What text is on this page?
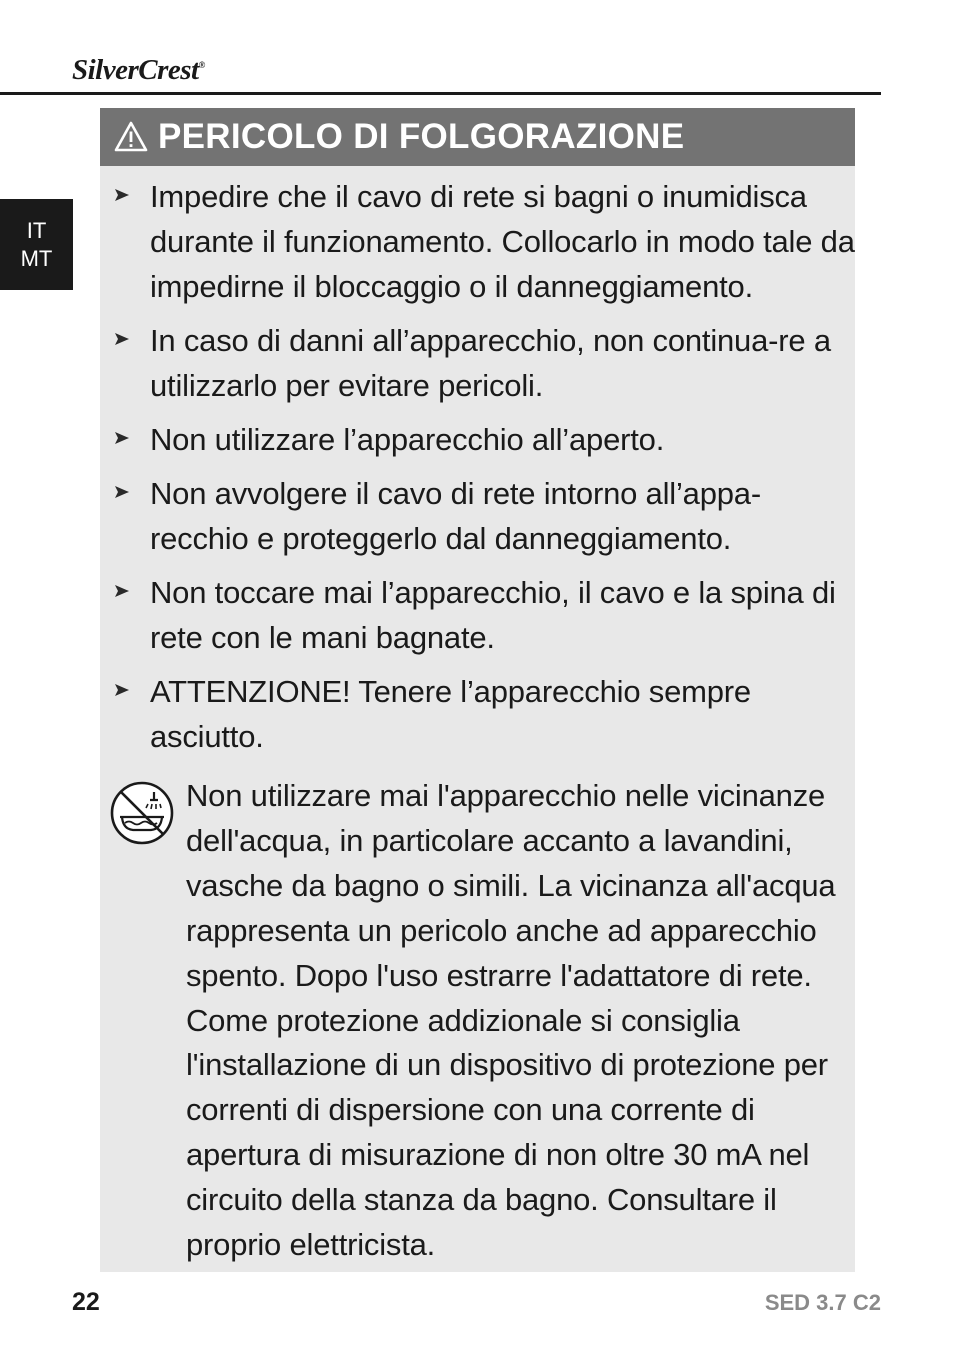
SilverCrest®
IT
MT
PERICOLO DI FOLGORAZIONE
Impedire che il cavo di rete si bagni o inumidisca durante il funzionamento. Collocarlo in modo tale da impedirne il bloccaggio o il danneggiamento.
In caso di danni all’apparecchio, non continua-re a utilizzarlo per evitare pericoli.
Non utilizzare l’apparecchio all’aperto.
Non avvolgere il cavo di rete intorno all’appa-recchio e proteggerlo dal danneggiamento.
Non toccare mai l’apparecchio, il cavo e la spina di rete con le mani bagnate.
ATTENZIONE! Tenere l’apparecchio sempre asciutto.
Non utilizzare mai l'apparecchio nelle vicinanze dell'acqua, in particolare accanto a lavandini, vasche da bagno o simili. La vicinanza all'acqua rappresenta un pericolo anche ad apparecchio spento. Dopo l'uso estrarre l'adattatore di rete. Come protezione addizionale si consiglia l'installazione di un dispositivo di protezione per correnti di dispersione con una corrente di apertura di misurazione di non oltre 30 mA nel circuito della stanza da bagno. Consultare il proprio elettricista.
22	SED 3.7 C2
